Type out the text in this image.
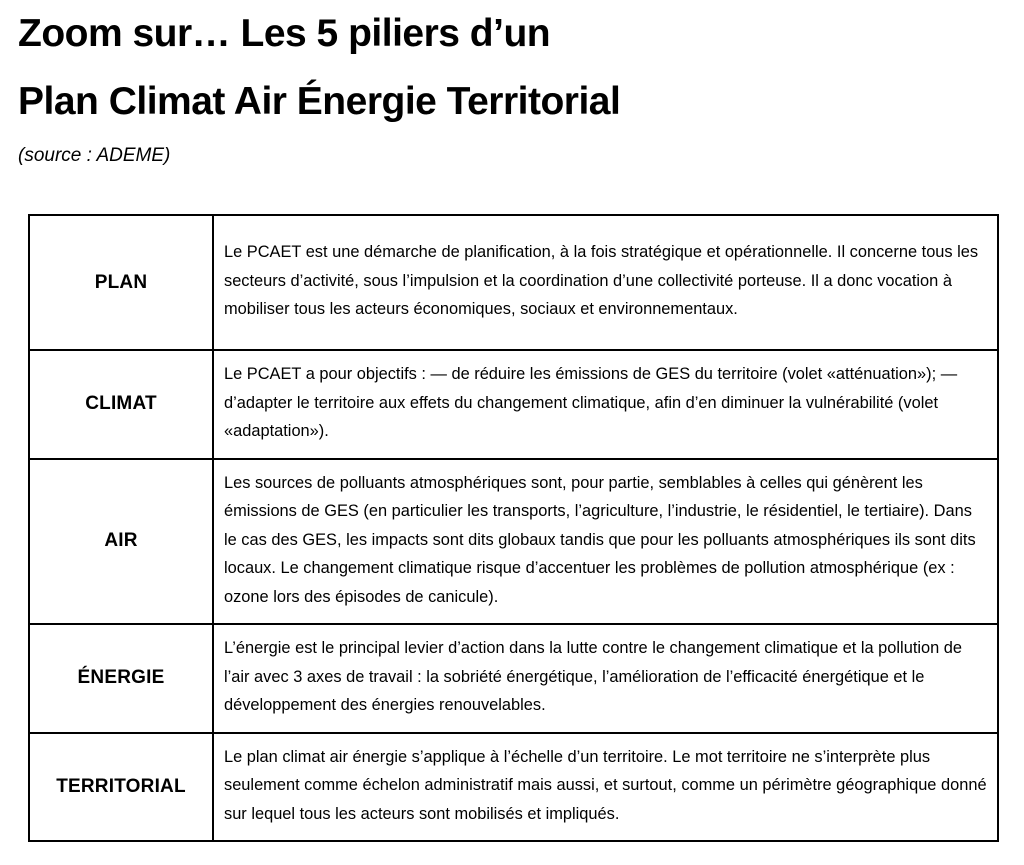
Zoom sur… Les 5 piliers d’un
Plan Climat Air Énergie Territorial
(source : ADEME)
PLAN	Le PCAET est une démarche de planification, à la fois stratégique et opérationnelle. Il concerne tous les secteurs d’activité, sous l’impulsion et la coordination d’une collectivité porteuse. Il a donc vocation à mobiliser tous les acteurs économiques, sociaux et environnementaux.
CLIMAT	Le PCAET a pour objectifs : — de réduire les émissions de GES du territoire (volet «atténuation»); — d’adapter le territoire aux effets du changement climatique, afin d’en diminuer la vulnérabilité (volet «adaptation»).
AIR	Les sources de polluants atmosphériques sont, pour partie, semblables à celles qui génèrent les émissions de GES (en particulier les transports, l’agriculture, l’industrie, le résidentiel, le tertiaire). Dans le cas des GES, les impacts sont dits globaux tandis que pour les polluants atmosphériques ils sont dits locaux. Le changement climatique risque d’accentuer les problèmes de pollution atmosphérique (ex : ozone lors des épisodes de canicule).
ÉNERGIE	L’énergie est le principal levier d’action dans la lutte contre le changement climatique et la pollution de l’air avec 3 axes de travail : la sobriété énergétique, l’amélioration de l’efficacité énergétique et le développement des énergies renouvelables.
TERRITORIAL	Le plan climat air énergie s’applique à l’échelle d’un territoire. Le mot territoire ne s’interprète plus seulement comme échelon administratif mais aussi, et surtout, comme un périmètre géographique donné sur lequel tous les acteurs sont mobilisés et impliqués.
